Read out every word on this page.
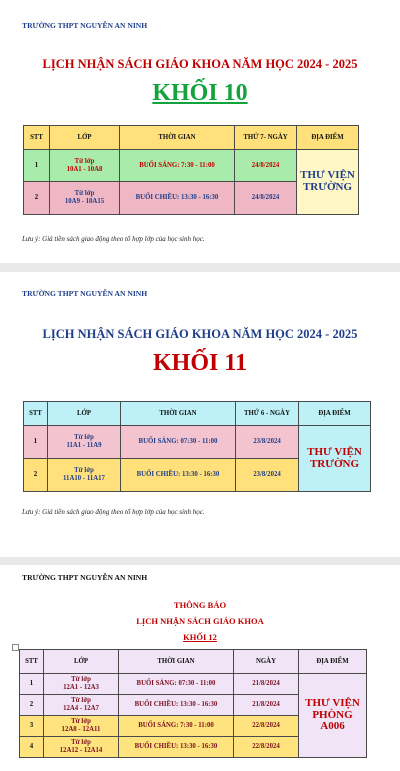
TRƯỜNG THPT NGUYỄN AN NINH
LỊCH NHẬN SÁCH GIÁO KHOA NĂM HỌC 2024 - 2025
KHỐI 10
STT	LỚP	THỜI GIAN	THỨ 7- NGÀY	ĐỊA ĐIỂM
1	Từ lớp
10A1 - 10A8	BUỔI SÁNG: 7:30 - 11:00	24/8/2024	THƯ VIỆN TRƯỜNG
2	Từ lớp
10A9 - 10A15	BUỔI CHIỀU: 13:30 - 16:30	24/8/2024	
Lưu ý: Giá tiền sách giao động theo tổ hợp lớp của học sinh học.
TRƯỜNG THPT NGUYỄN AN NINH
LỊCH NHẬN SÁCH GIÁO KHOA NĂM HỌC 2024 - 2025
KHỐI 11
STT	LỚP	THỜI GIAN	THỨ 6 - NGÀY	ĐỊA ĐIỂM
1	Từ lớp
11A1 - 11A9	BUỔI SÁNG: 07:30 - 11:00	23/8/2024	THƯ VIỆN TRƯỜNG
2	Từ lớp
11A10 - 11A17	BUỔI CHIỀU: 13:30 - 16:30	23/8/2024	
Lưu ý: Giá tiền sách giao động theo tổ hợp lớp của học sinh học.
TRƯỜNG THPT NGUYỄN AN NINH
THÔNG BÁO
LỊCH NHẬN SÁCH GIÁO KHOA
KHỐI 12
STT	LỚP	THỜI GIAN	NGÀY	ĐỊA ĐIỂM
1	Từ lớp
12A1 - 12A3	BUỔI SÁNG: 07:30 - 11:00	21/8/2024	THƯ VIỆN PHÒNG A006
2	Từ lớp
12A4 - 12A7	BUỔI CHIỀU: 13:30 - 16:30	21/8/2024	
3	Từ lớp
12A8 - 12A11	BUỔI SÁNG: 7:30 - 11:00	22/8/2024	
4	Từ lớp
12A12 - 12A14	BUỔI CHIỀU: 13:30 - 16:30	22/8/2024	
